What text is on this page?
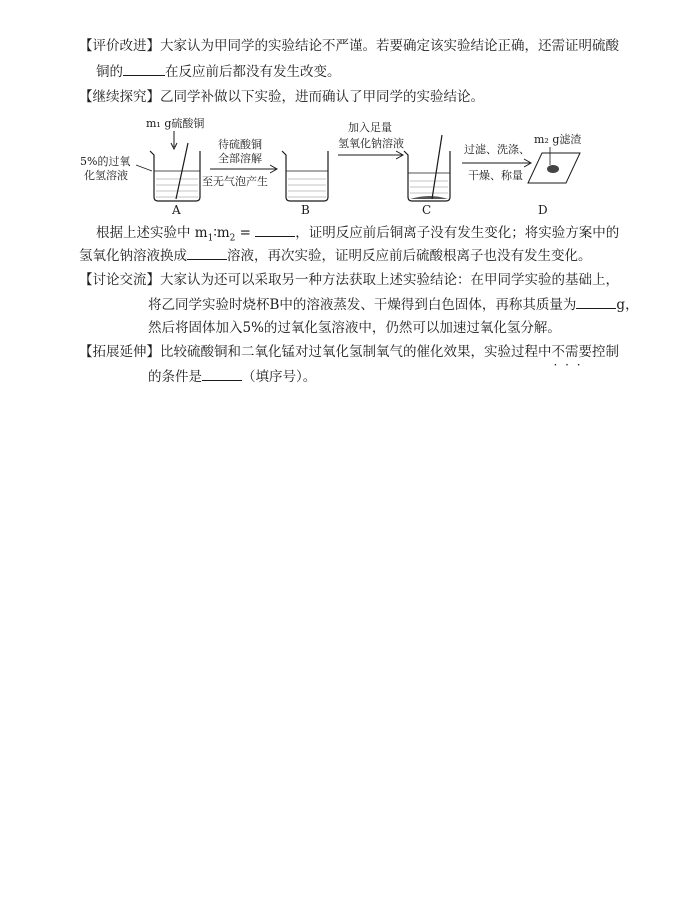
【评价改进】大家认为甲同学的实验结论不严谨。若要确定该实验结论正确，还需证明硫酸
铜的	在反应前后都没有发生改变。
【继续探究】乙同学补做以下实验，进而确认了甲同学的实验结论。
m₁ g硫酸铜
5%的过氧
化氢溶液
A
待硫酸铜
全部溶解
至无气泡产生
B
加入足量
氢氧化钠溶液
C
过滤、洗涤、
干燥、称量
m₂ g滤渣
D
根据上述实验中 $m_1∶m_2$ =	，证明反应前后铜离子没有发生变化；将实验方案中的
氢氧化钠溶液换成	溶液，再次实验，证明反应前后硫酸根离子也没有发生变化。
【讨论交流】大家认为还可以采取另一种方法获取上述实验结论：在甲同学实验的基础上，
将乙同学实验时烧杯B中的溶液蒸发、干燥得到白色固体，再称其质量为	g，
然后将固体加入5%的过氧化氢溶液中，仍然可以加速过氧化氢分解。
【拓展延伸】比较硫酸铜和二氧化锰对过氧化氢制氧气的催化效果，实验过程中不需要 · · ·控制
的条件是	（填序号）。
